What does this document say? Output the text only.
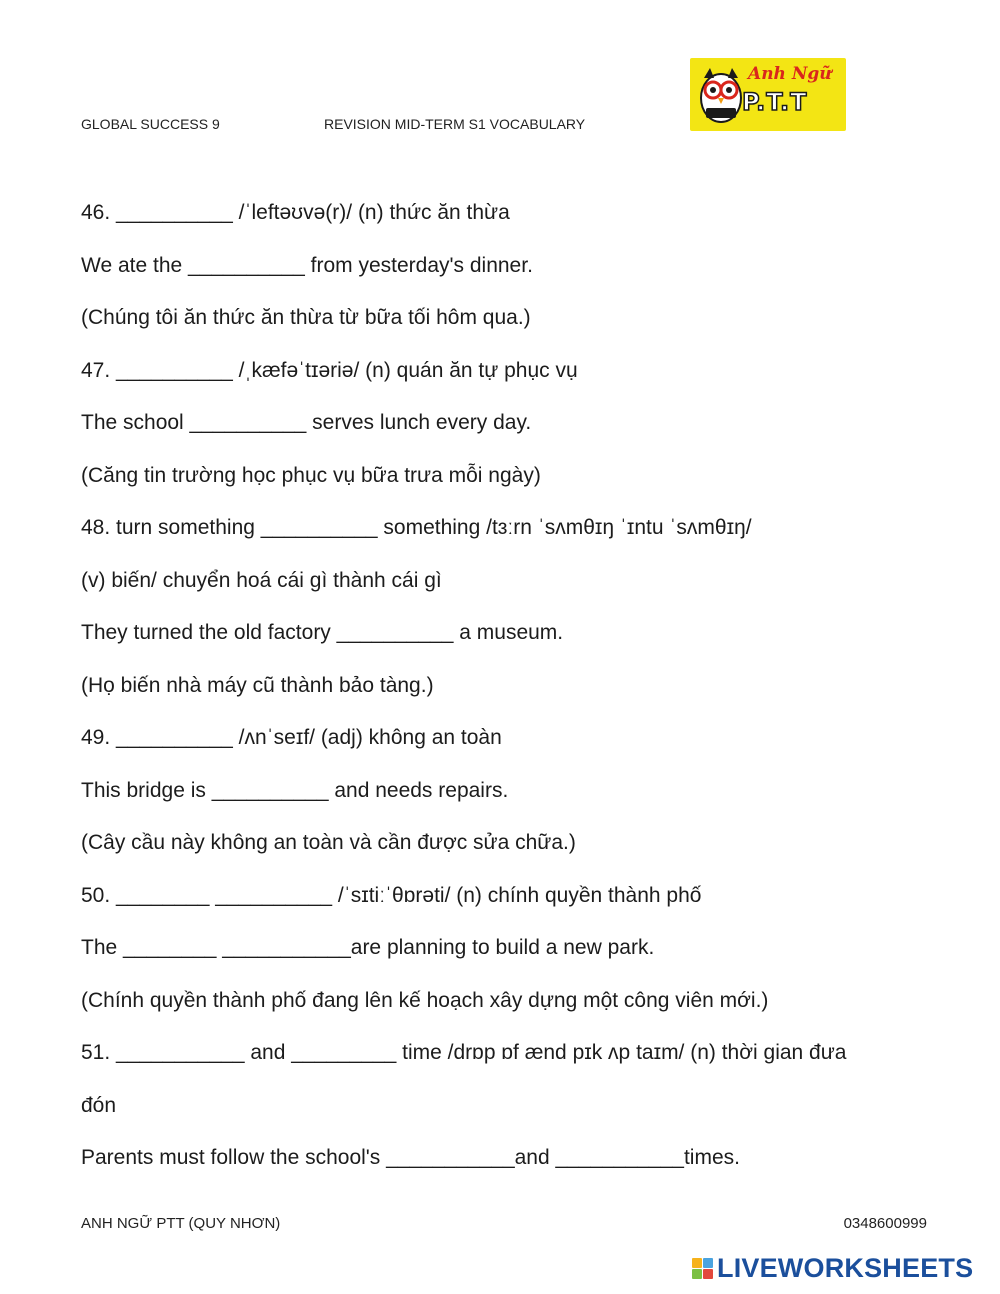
GLOBAL SUCCESS 9	REVISION MID-TERM S1 VOCABULARY
Anh Ngữ
P.T.T
46. __________ /ˈleftəʊvə(r)/ (n) thức ăn thừa
We ate the __________ from yesterday's dinner.
(Chúng tôi ăn thức ăn thừa từ bữa tối hôm qua.)
47. __________ /ˌkæfəˈtɪəriə/ (n) quán ăn tự phục vụ
The school __________ serves lunch every day.
(Căng tin trường học phục vụ bữa trưa mỗi ngày)
48. turn something __________ something /tɜːrn ˈsʌmθɪŋ ˈɪntu ˈsʌmθɪŋ/
(v) biến/ chuyển hoá cái gì thành cái gì
They turned the old factory __________ a museum.
(Họ biến nhà máy cũ thành bảo tàng.)
49. __________ /ʌnˈseɪf/ (adj) không an toàn
This bridge is __________ and needs repairs.
(Cây cầu này không an toàn và cần được sửa chữa.)
50. ________ __________ /ˈsɪtiːˈθɒrəti/ (n) chính quyền thành phố
The ________ ___________are planning to build a new park.
(Chính quyền thành phố đang lên kế hoạch xây dựng một công viên mới.)
51. ___________ and _________ time /drɒp ɒf ænd pɪk ʌp taɪm/ (n) thời gian đưa
đón
Parents must follow the school's ___________and ___________times.
ANH NGỮ PTT (QUY NHƠN)	0348600999
LIVEWORKSHEETS
